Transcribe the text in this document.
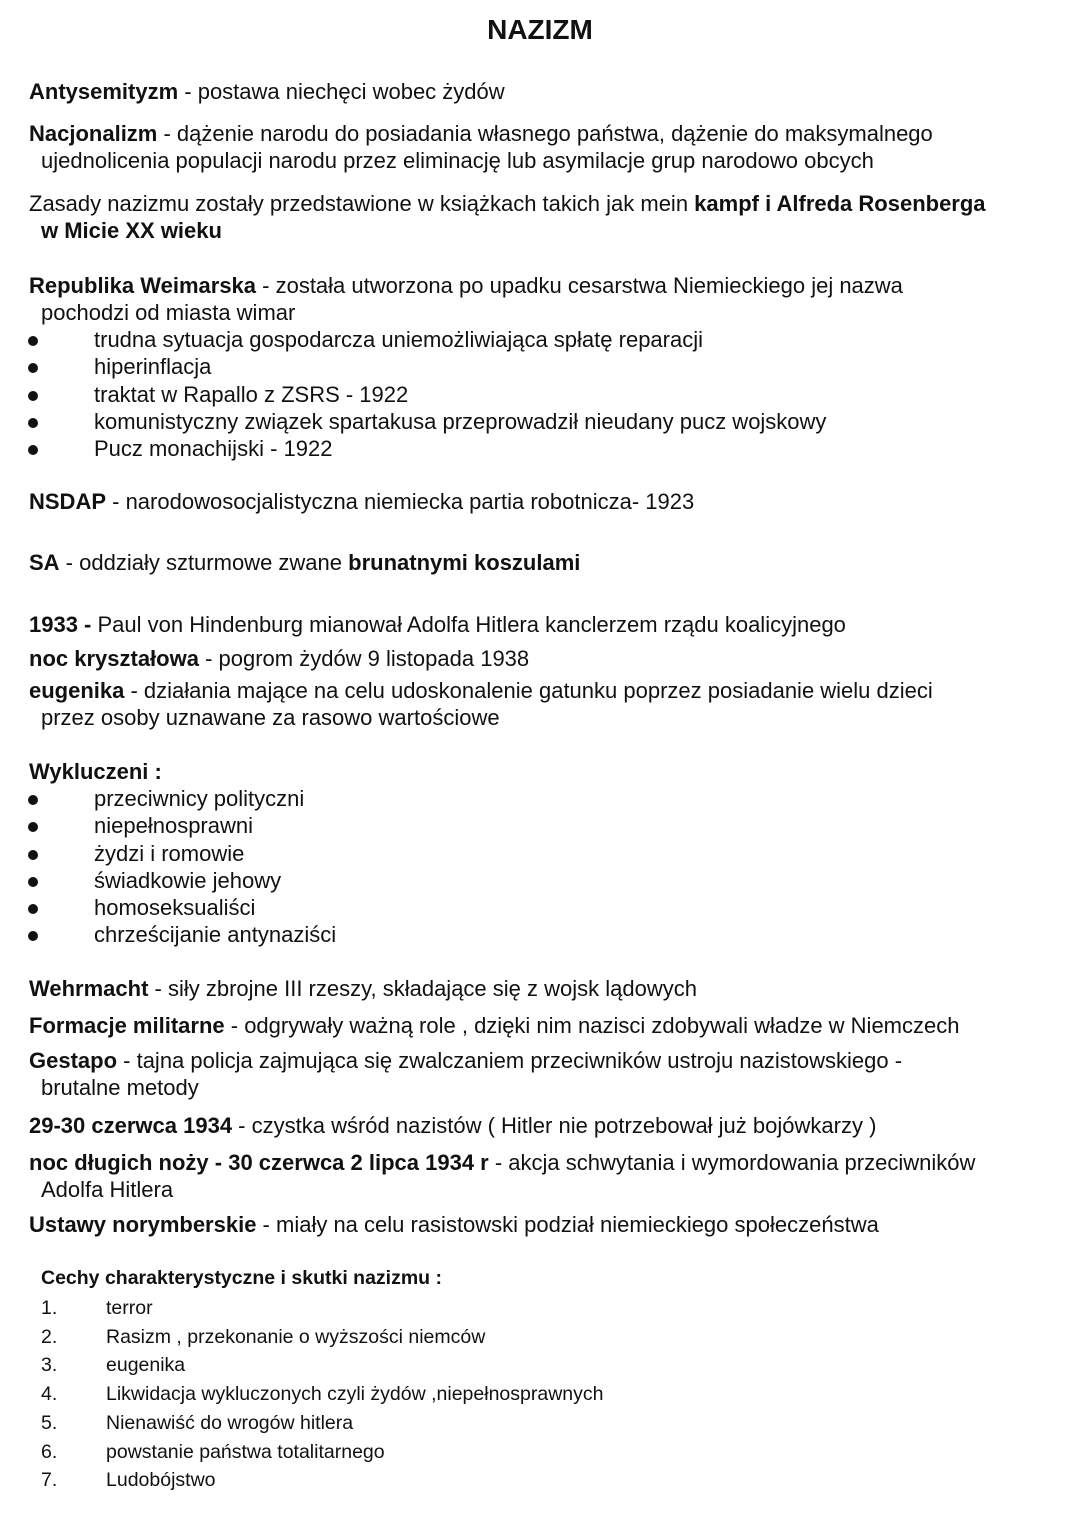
NAZIZM
Antysemityzm - postawa niechęci wobec żydów
Nacjonalizm - dążenie narodu do posiadania własnego państwa, dążenie do maksymalnego
ujednolicenia populacji narodu przez eliminację lub asymilacje grup narodowo obcych
Zasady nazizmu zostały przedstawione w książkach takich jak mein kampf i Alfreda Rosenberga
w Micie XX wieku
Republika Weimarska - została utworzona po upadku cesarstwa Niemieckiego jej nazwa
pochodzi od miasta wimar
trudna sytuacja gospodarcza uniemożliwiająca spłatę reparacji
hiperinflacja
traktat w Rapallo z ZSRS - 1922
komunistyczny związek spartakusa przeprowadził nieudany pucz wojskowy
Pucz monachijski - 1922
NSDAP - narodowosocjalistyczna niemiecka partia robotnicza- 1923
SA - oddziały szturmowe zwane brunatnymi koszulami
1933 - Paul von Hindenburg mianował Adolfa Hitlera kanclerzem rządu koalicyjnego
noc kryształowa - pogrom żydów 9 listopada 1938
eugenika - działania mające na celu udoskonalenie gatunku poprzez posiadanie wielu dzieci
przez osoby uznawane za rasowo wartościowe
Wykluczeni :
przeciwnicy polityczni
niepełnosprawni
żydzi i romowie
świadkowie jehowy
homoseksualiści
chrześcijanie antynaziści
Wehrmacht - siły zbrojne III rzeszy, składające się z wojsk lądowych
Formacje militarne - odgrywały ważną role , dzięki nim nazisci zdobywali władze w Niemczech
Gestapo - tajna policja zajmująca się zwalczaniem przeciwników ustroju nazistowskiego -
brutalne metody
29-30 czerwca 1934 - czystka wśród nazistów ( Hitler nie potrzebował już bojówkarzy )
noc długich noży - 30 czerwca 2 lipca 1934 r - akcja schwytania i wymordowania przeciwników
Adolfa Hitlera
Ustawy norymberskie - miały na celu rasistowski podział niemieckiego społeczeństwa
Cechy charakterystyczne i skutki nazizmu :
1. terror
2. Rasizm , przekonanie o wyższości niemców
3. eugenika
4. Likwidacja wykluczonych czyli żydów ,niepełnosprawnych
5. Nienawiść do wrogów hitlera
6. powstanie państwa totalitarnego
7. Ludobójstwo
